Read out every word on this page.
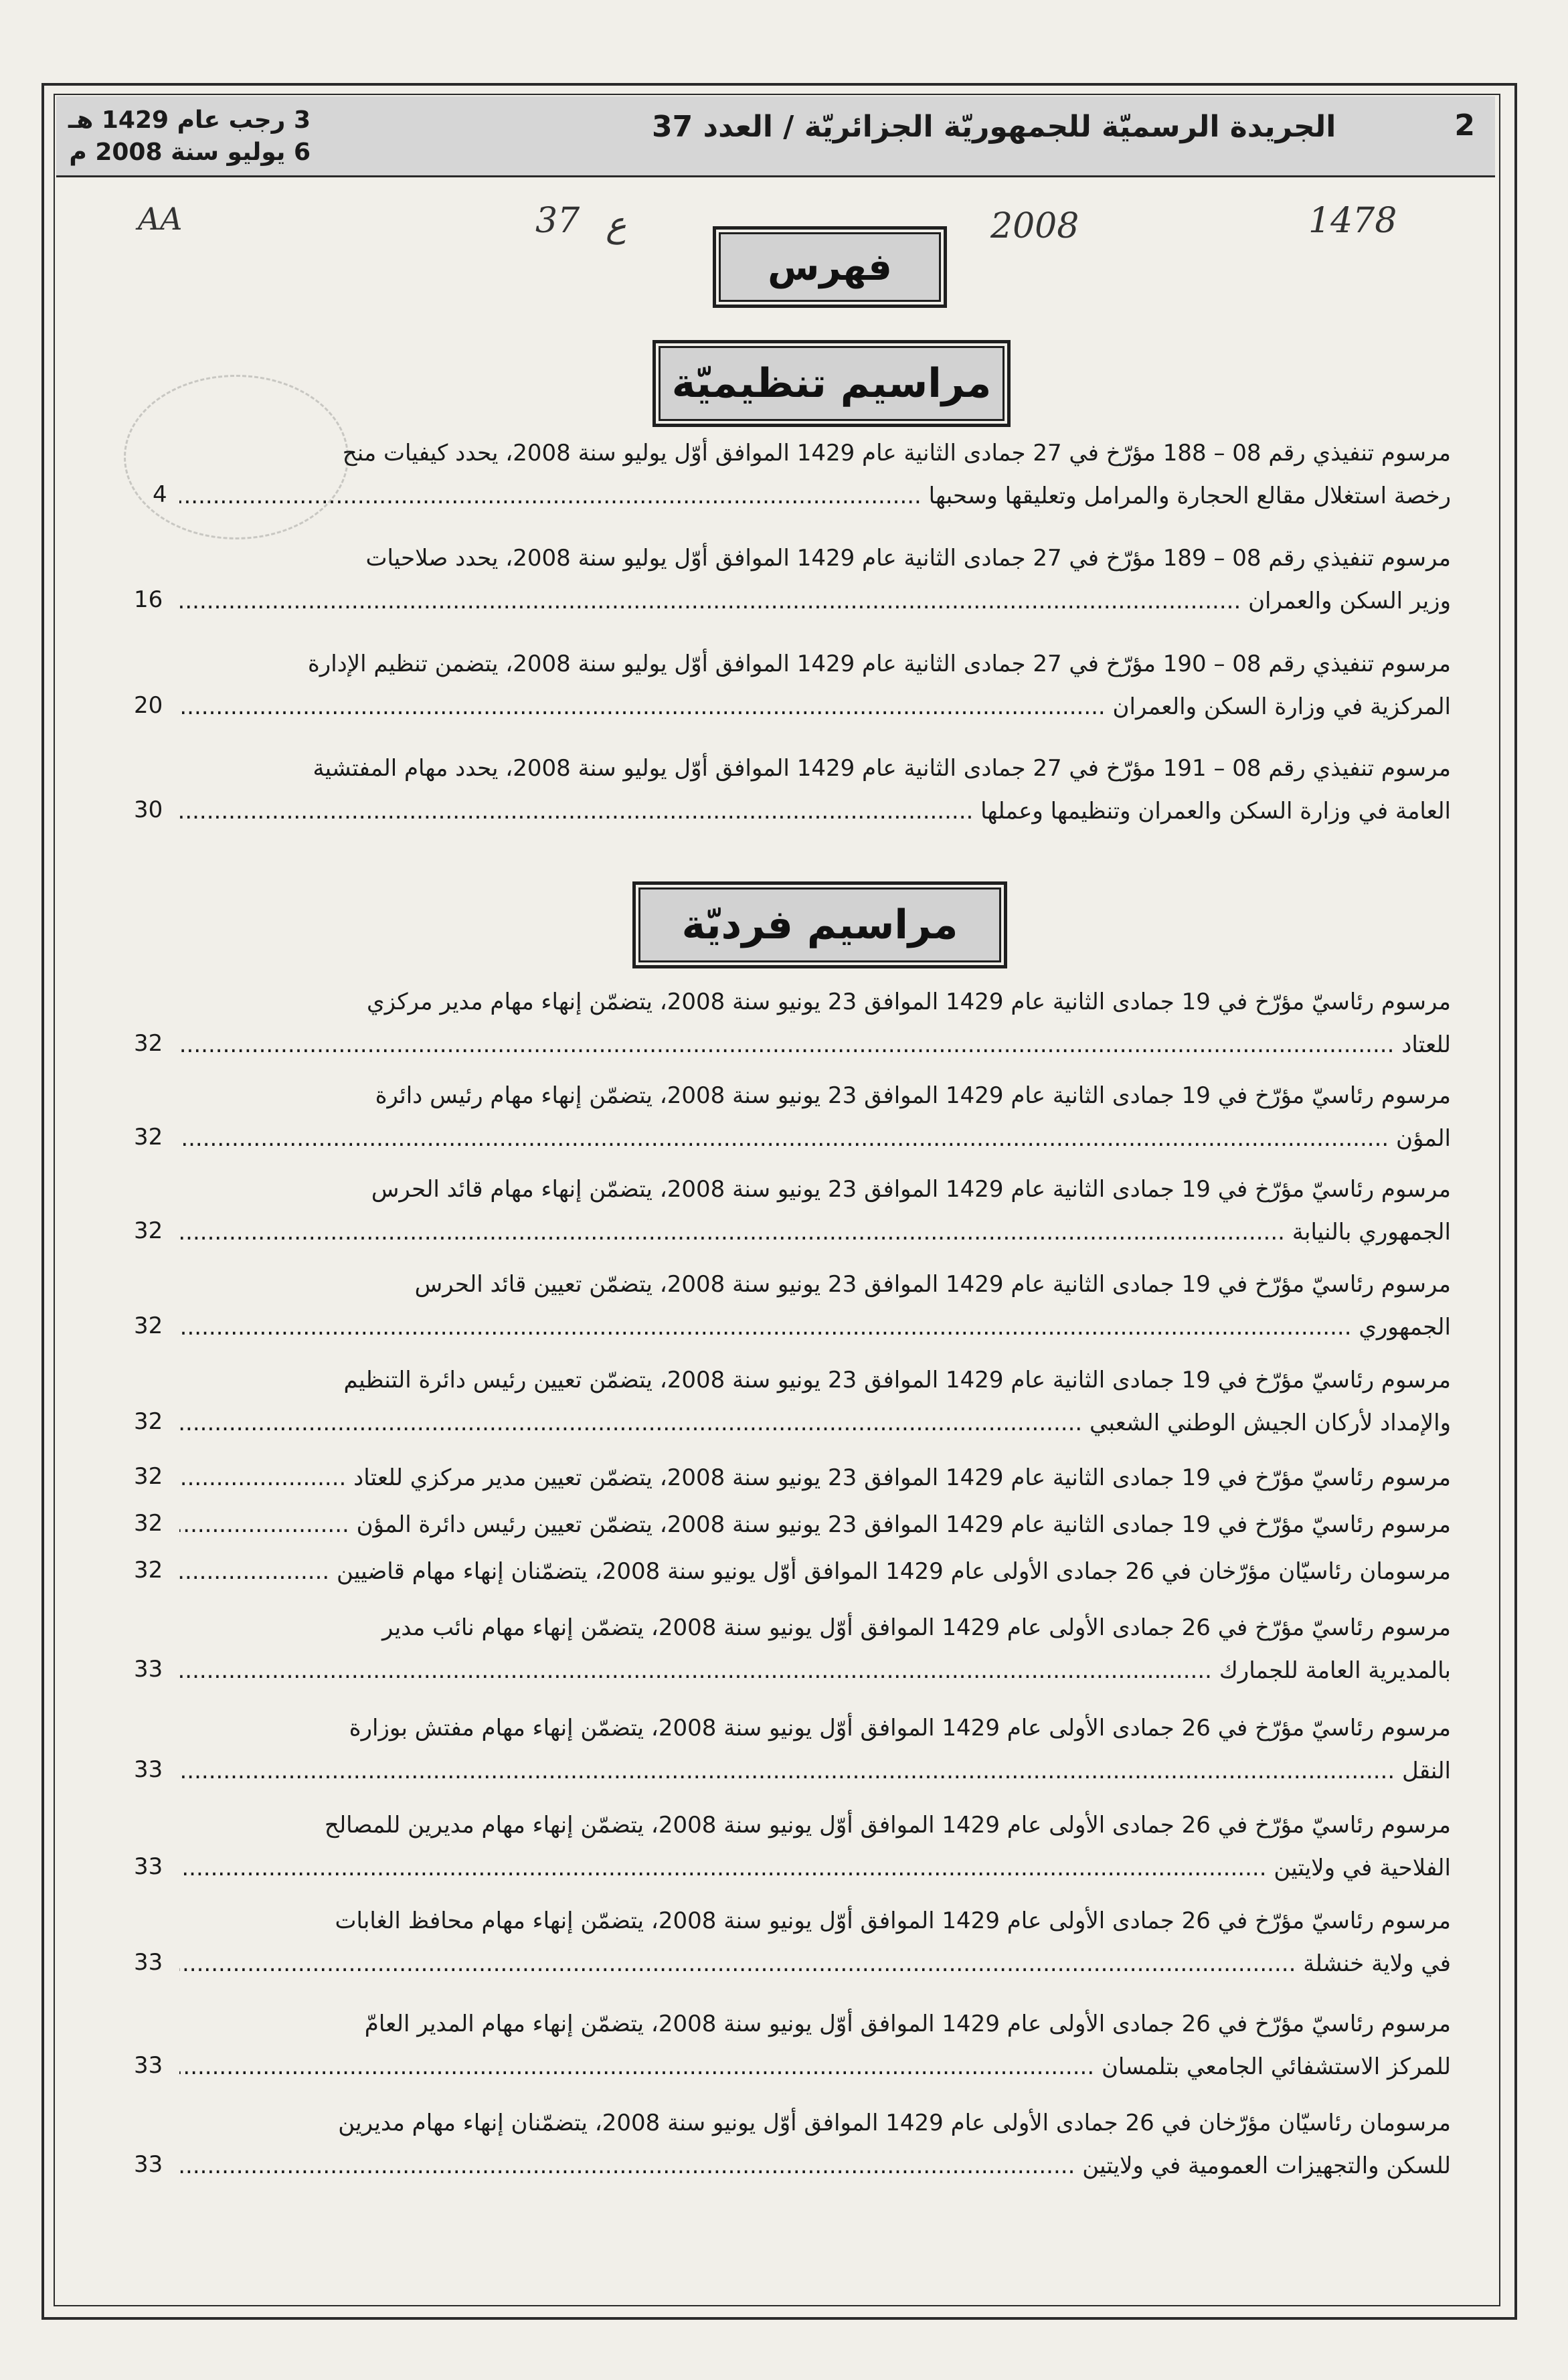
2
الجريدة الرسميّة للجمهوريّة الجزائريّة / العدد 37
3 رجب عام 1429 هـ
6 يوليو سنة 2008 م
AA	37 ع	2008	1478
فهرس
مراسيم تنظيميّة
مراسيم فرديّة
مرسوم تنفيذي رقم 08 – 188 مؤرّخ في 27 جمادى الثانية عام 1429 الموافق أوّل يوليو سنة 2008، يحدد كيفيات منح
رخصة استغلال مقالع الحجارة والمرامل وتعليقها وسحبها .....
4
مرسوم تنفيذي رقم 08 – 189 مؤرّخ في 27 جمادى الثانية عام 1429 الموافق أوّل يوليو سنة 2008، يحدد صلاحيات
وزير السكن والعمران .....
16
مرسوم تنفيذي رقم 08 – 190 مؤرّخ في 27 جمادى الثانية عام 1429 الموافق أوّل يوليو سنة 2008، يتضمن تنظيم الإدارة
المركزية في وزارة السكن والعمران .....
20
مرسوم تنفيذي رقم 08 – 191 مؤرّخ في 27 جمادى الثانية عام 1429 الموافق أوّل يوليو سنة 2008، يحدد مهام المفتشية
العامة في وزارة السكن والعمران وتنظيمها وعملها .....
30
مرسوم رئاسيّ مؤرّخ في 19 جمادى الثانية عام 1429 الموافق 23 يونيو سنة 2008، يتضمّن إنهاء مهام مدير مركزي
للعتاد .....
32
مرسوم رئاسيّ مؤرّخ في 19 جمادى الثانية عام 1429 الموافق 23 يونيو سنة 2008، يتضمّن إنهاء مهام رئيس دائرة
المؤن .....
32
مرسوم رئاسيّ مؤرّخ في 19 جمادى الثانية عام 1429 الموافق 23 يونيو سنة 2008، يتضمّن إنهاء مهام قائد الحرس
الجمهوري بالنيابة .....
32
مرسوم رئاسيّ مؤرّخ في 19 جمادى الثانية عام 1429 الموافق 23 يونيو سنة 2008، يتضمّن تعيين قائد الحرس
الجمهوري .....
32
مرسوم رئاسيّ مؤرّخ في 19 جمادى الثانية عام 1429 الموافق 23 يونيو سنة 2008، يتضمّن تعيين رئيس دائرة التنظيم
والإمداد لأركان الجيش الوطني الشعبي .....
32
مرسوم رئاسيّ مؤرّخ في 19 جمادى الثانية عام 1429 الموافق 23 يونيو سنة 2008، يتضمّن تعيين مدير مركزي للعتاد .....
32
مرسوم رئاسيّ مؤرّخ في 19 جمادى الثانية عام 1429 الموافق 23 يونيو سنة 2008، يتضمّن تعيين رئيس دائرة المؤن .....
32
مرسومان رئاسيّان مؤرّخان في 26 جمادى الأولى عام 1429 الموافق أوّل يونيو سنة 2008، يتضمّنان إنهاء مهام قاضيين .....
32
مرسوم رئاسيّ مؤرّخ في 26 جمادى الأولى عام 1429 الموافق أوّل يونيو سنة 2008، يتضمّن إنهاء مهام نائب مدير
بالمديرية العامة للجمارك .....
33
مرسوم رئاسيّ مؤرّخ في 26 جمادى الأولى عام 1429 الموافق أوّل يونيو سنة 2008، يتضمّن إنهاء مهام مفتش بوزارة
النقل .....
33
مرسوم رئاسيّ مؤرّخ في 26 جمادى الأولى عام 1429 الموافق أوّل يونيو سنة 2008، يتضمّن إنهاء مهام مديرين للمصالح
الفلاحية في ولايتين .....
33
مرسوم رئاسيّ مؤرّخ في 26 جمادى الأولى عام 1429 الموافق أوّل يونيو سنة 2008، يتضمّن إنهاء مهام محافظ الغابات
في ولاية خنشلة .....
33
مرسوم رئاسيّ مؤرّخ في 26 جمادى الأولى عام 1429 الموافق أوّل يونيو سنة 2008، يتضمّن إنهاء مهام المدير العامّ
للمركز الاستشفائي الجامعي بتلمسان .....
33
مرسومان رئاسيّان مؤرّخان في 26 جمادى الأولى عام 1429 الموافق أوّل يونيو سنة 2008، يتضمّنان إنهاء مهام مديرين
للسكن والتجهيزات العمومية في ولايتين .....
33
